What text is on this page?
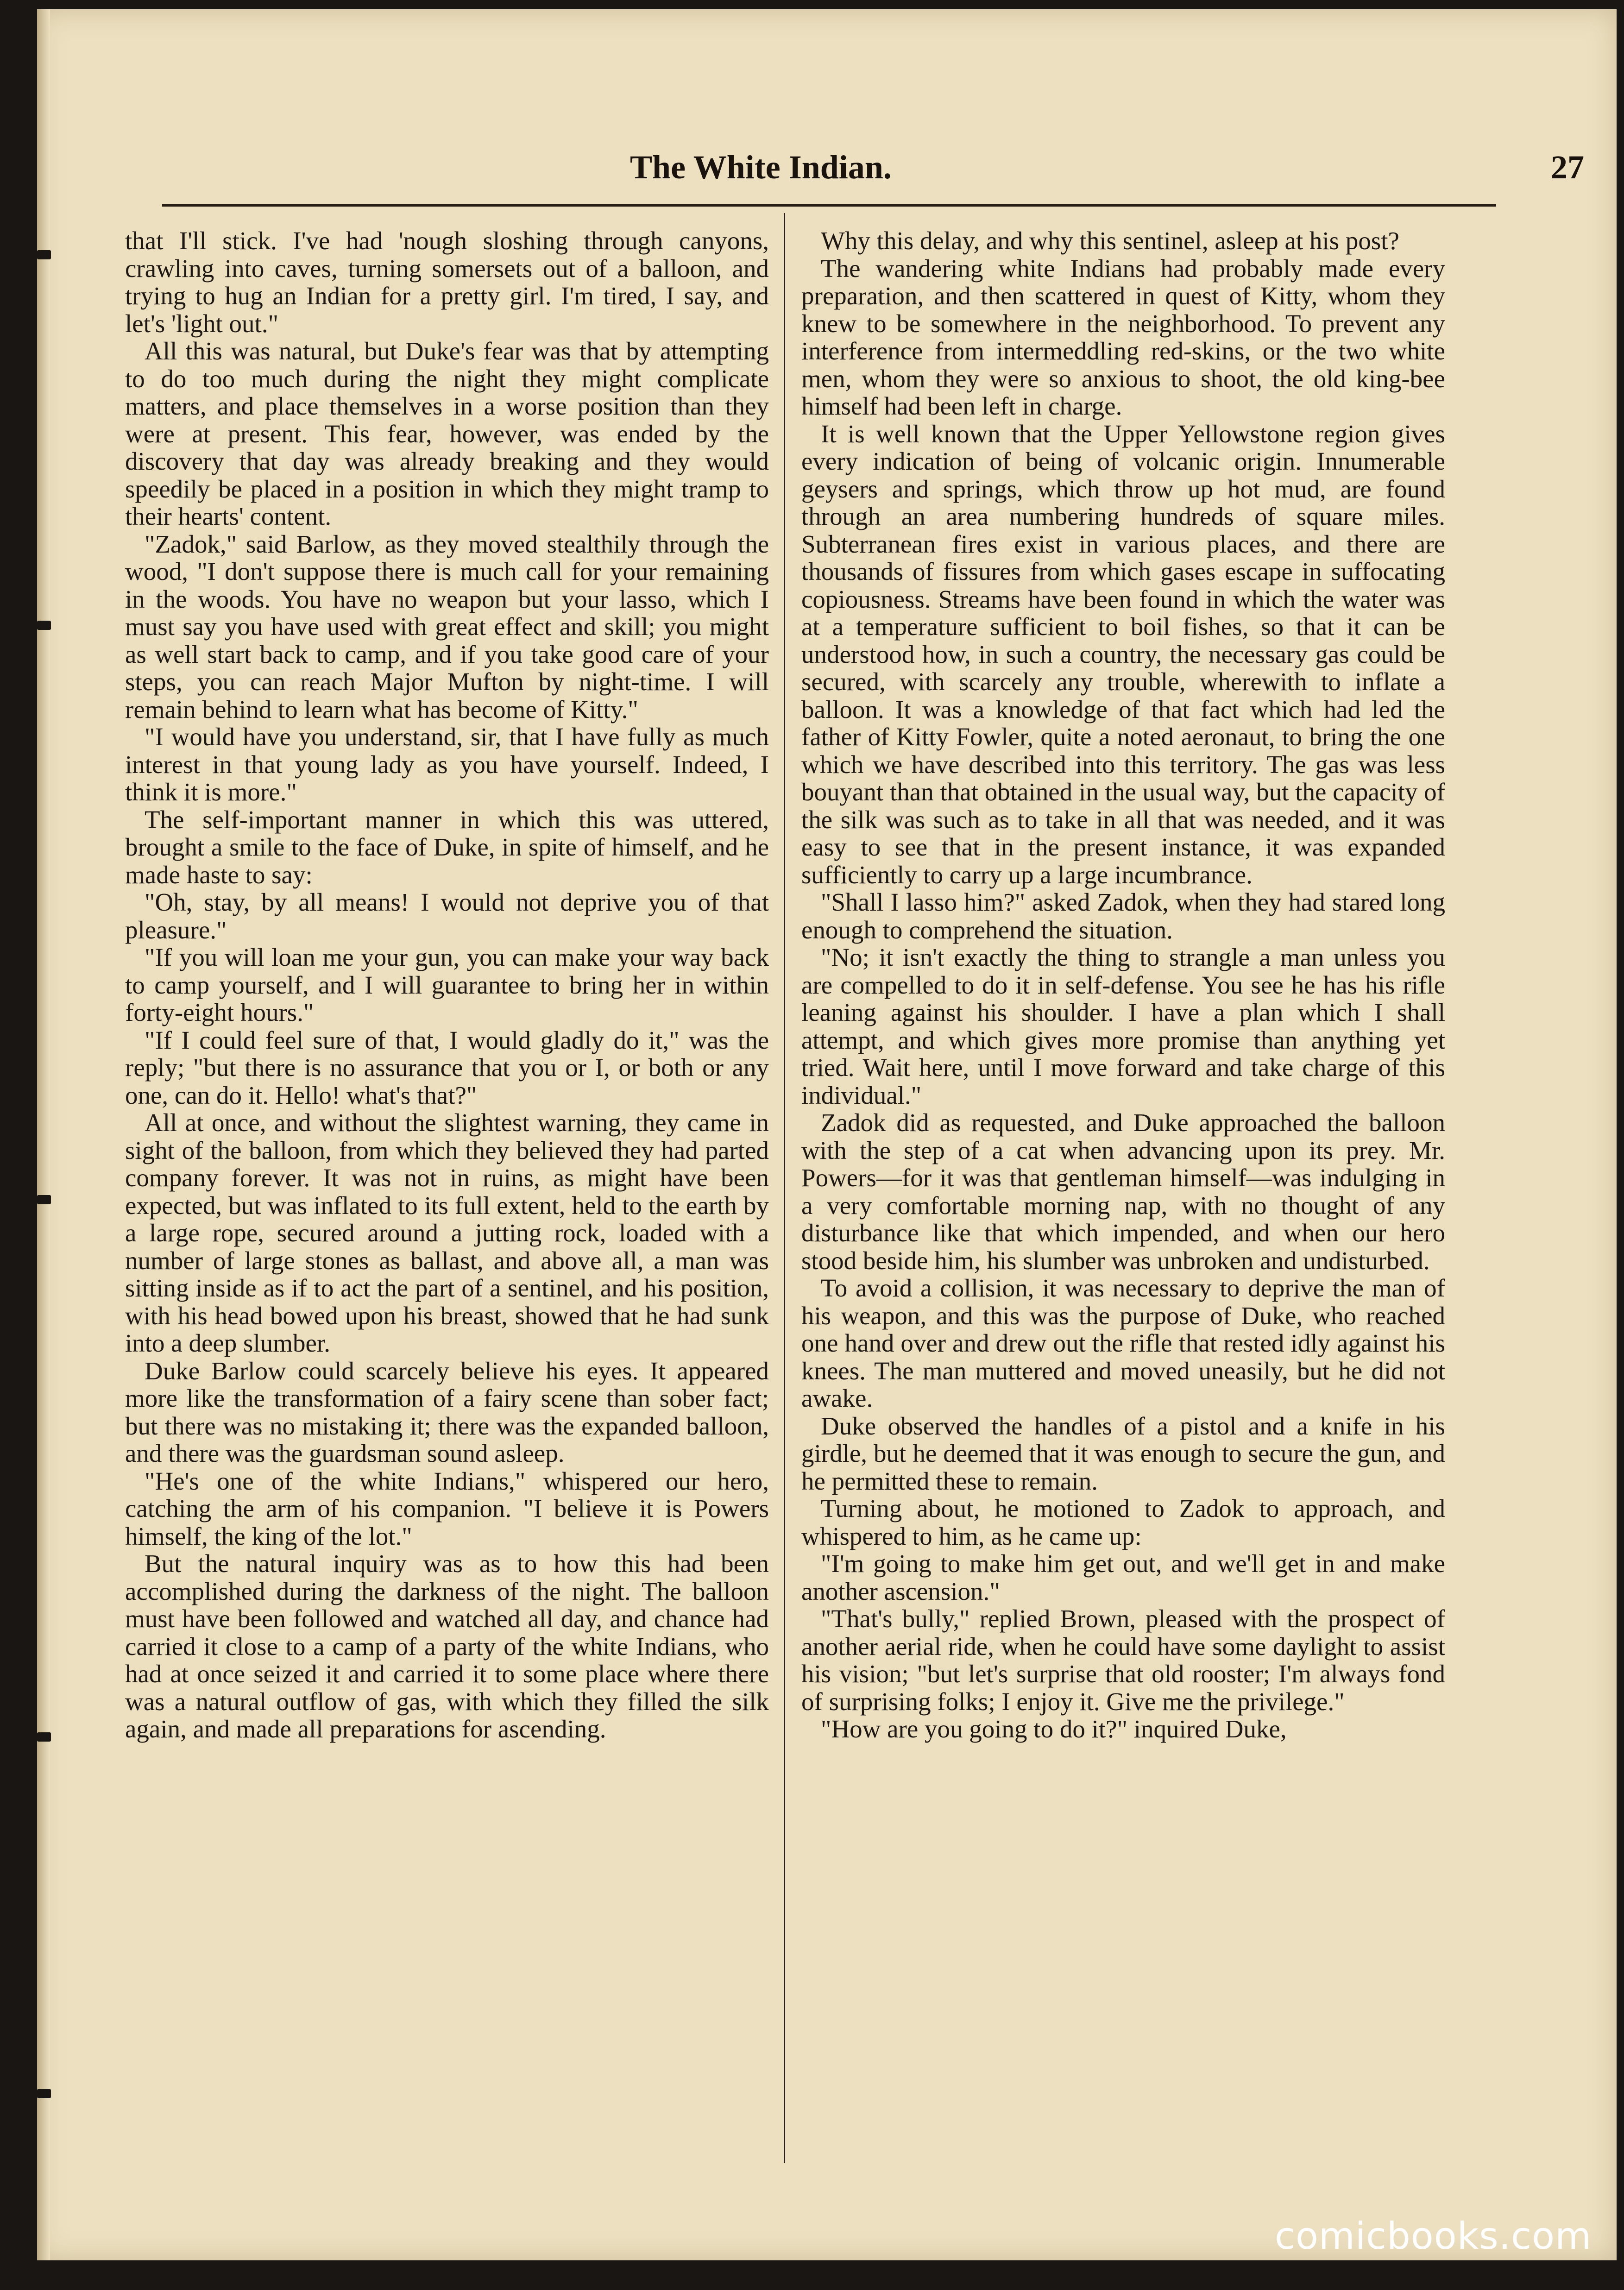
The White Indian.	27

that I'll stick. I've had 'nough sloshing through canyons, crawling into caves, turning somersets out of a balloon, and trying to hug an Indian for a pretty girl. I'm tired, I say, and let's 'light out."

All this was natural, but Duke's fear was that by attempting to do too much during the night they might complicate matters, and place themselves in a worse position than they were at present. This fear, however, was ended by the discovery that day was already breaking and they would speedily be placed in a position in which they might tramp to their hearts' content.

"Zadok," said Barlow, as they moved stealthily through the wood, "I don't suppose there is much call for your remaining in the woods. You have no weapon but your lasso, which I must say you have used with great effect and skill; you might as well start back to camp, and if you take good care of your steps, you can reach Major Mufton by night-time. I will remain behind to learn what has become of Kitty."

"I would have you understand, sir, that I have fully as much interest in that young lady as you have yourself. Indeed, I think it is more."

The self-important manner in which this was uttered, brought a smile to the face of Duke, in spite of himself, and he made haste to say:

"Oh, stay, by all means! I would not deprive you of that pleasure."

"If you will loan me your gun, you can make your way back to camp yourself, and I will guarantee to bring her in within forty-eight hours."

"If I could feel sure of that, I would gladly do it," was the reply; "but there is no assurance that you or I, or both or any one, can do it. Hello! what's that?"

All at once, and without the slightest warning, they came in sight of the balloon, from which they believed they had parted company forever. It was not in ruins, as might have been expected, but was inflated to its full extent, held to the earth by a large rope, secured around a jutting rock, loaded with a number of large stones as ballast, and above all, a man was sitting inside as if to act the part of a sentinel, and his position, with his head bowed upon his breast, showed that he had sunk into a deep slumber.

Duke Barlow could scarcely believe his eyes. It appeared more like the transformation of a fairy scene than sober fact; but there was no mistaking it; there was the expanded balloon, and there was the guardsman sound asleep.

"He's one of the white Indians," whispered our hero, catching the arm of his companion. "I believe it is Powers himself, the king of the lot."

But the natural inquiry was as to how this had been accomplished during the darkness of the night. The balloon must have been followed and watched all day, and chance had carried it close to a camp of a party of the white Indians, who had at once seized it and carried it to some place where there was a natural outflow of gas, with which they filled the silk again, and made all preparations for ascending.

Why this delay, and why this sentinel, asleep at his post?

The wandering white Indians had probably made every preparation, and then scattered in quest of Kitty, whom they knew to be somewhere in the neighborhood. To prevent any interference from intermeddling red-skins, or the two white men, whom they were so anxious to shoot, the old king-bee himself had been left in charge.

It is well known that the Upper Yellowstone region gives every indication of being of volcanic origin. Innumerable geysers and springs, which throw up hot mud, are found through an area numbering hundreds of square miles. Subterranean fires exist in various places, and there are thousands of fissures from which gases escape in suffocating copiousness. Streams have been found in which the water was at a temperature sufficient to boil fishes, so that it can be understood how, in such a country, the necessary gas could be secured, with scarcely any trouble, wherewith to inflate a balloon. It was a knowledge of that fact which had led the father of Kitty Fowler, quite a noted aeronaut, to bring the one which we have described into this territory. The gas was less bouyant than that obtained in the usual way, but the capacity of the silk was such as to take in all that was needed, and it was easy to see that in the present instance, it was expanded sufficiently to carry up a large incumbrance.

"Shall I lasso him?" asked Zadok, when they had stared long enough to comprehend the situation.

"No; it isn't exactly the thing to strangle a man unless you are compelled to do it in self-defense. You see he has his rifle leaning against his shoulder. I have a plan which I shall attempt, and which gives more promise than anything yet tried. Wait here, until I move forward and take charge of this individual."

Zadok did as requested, and Duke approached the balloon with the step of a cat when advancing upon its prey. Mr. Powers—for it was that gentleman himself—was indulging in a very comfortable morning nap, with no thought of any disturbance like that which impended, and when our hero stood beside him, his slumber was unbroken and undisturbed.

To avoid a collision, it was necessary to deprive the man of his weapon, and this was the purpose of Duke, who reached one hand over and drew out the rifle that rested idly against his knees. The man muttered and moved uneasily, but he did not awake.

Duke observed the handles of a pistol and a knife in his girdle, but he deemed that it was enough to secure the gun, and he permitted these to remain.

Turning about, he motioned to Zadok to approach, and whispered to him, as he came up:

"I'm going to make him get out, and we'll get in and make another ascension."

"That's bully," replied Brown, pleased with the prospect of another aerial ride, when he could have some daylight to assist his vision; "but let's surprise that old rooster; I'm always fond of surprising folks; I enjoy it. Give me the privilege."

"How are you going to do it?" inquired Duke,

comicbooks.com
